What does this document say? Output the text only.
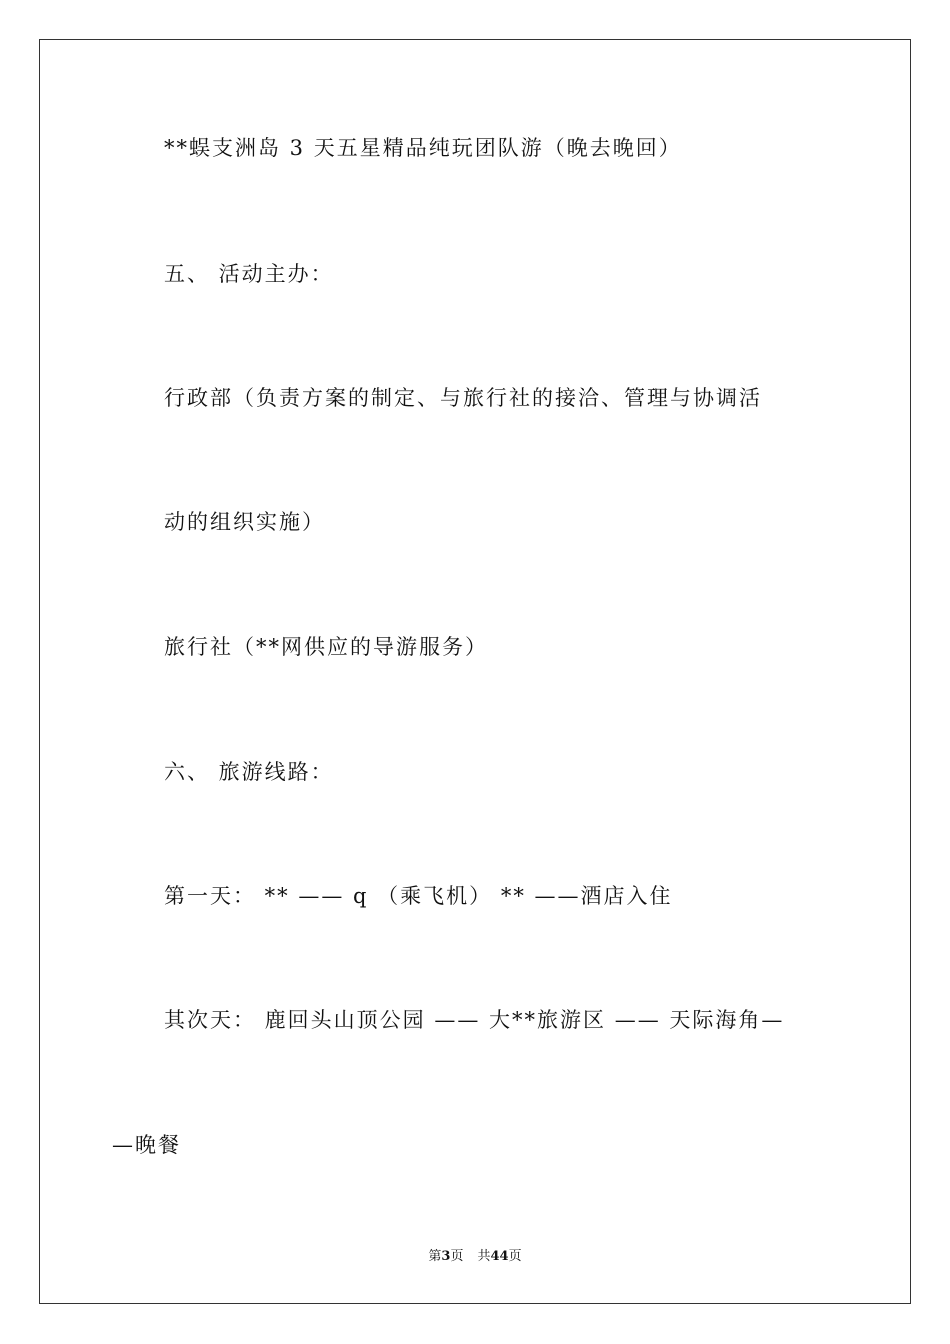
**蜈支洲岛 3 天五星精品纯玩团队游（晚去晚回）
五、 活动主办：
行政部（负责方案的制定、与旅行社的接洽、管理与协调活
动的组织实施）
旅行社（**网供应的导游服务）
六、 旅游线路：
第一天： ** —— q （乘飞机） ** ——酒店入住
其次天： 鹿回头山顶公园 —— 大**旅游区 —— 天际海角—
—晚餐
第3页 共44页
